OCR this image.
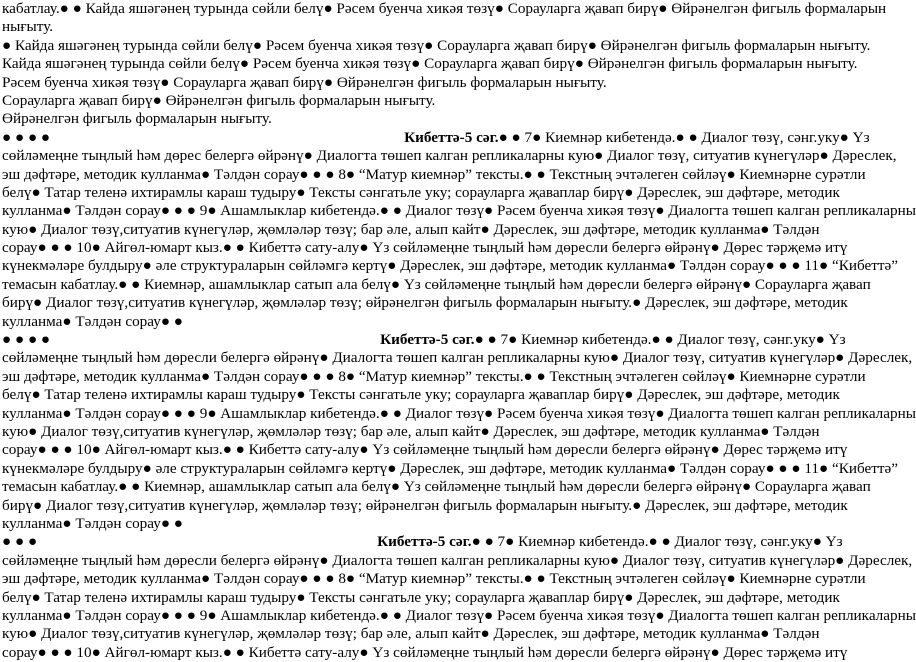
кабатлау.● ● Кайда яшәгәнең турында сөйли белү● Рәсем буенча хикәя төзү● Сорауларга җавап бирү● Өйрәнелгән фигыль формаларын
нығыту.
● Кайда яшәгәнең турында сөйли белү● Рәсем буенча хикәя төзү● Сорауларга җавап бирү● Өйрәнелгән фигыль формаларын нығыту.
Кайда яшәгәнең турында сөйли белү● Рәсем буенча хикәя төзү● Сорауларга җавап бирү● Өйрәнелгән фигыль формаларын нығыту.
Рәсем буенча хикәя төзү● Сорауларга җавап бирү● Өйрәнелгән фигыль формаларын нығыту.
Сорауларга җавап бирү● Өйрәнелгән фигыль формаларын нығыту.
Өйрәнелгән фигыль формаларын нығыту.
● ● ● ●	Кибеттә-5 сәг.● ● 7● Киемнәр кибетендә.● ● Диалог төзү, сәнг.уку● Үз
сөйләмеңне тыңлый һәм дөрес бел​ерг​ә өйрәнү● Диалогта төшеп калган репликаларны кую● Диалог төзү, ситуатив күнегүләр● Дәреслек,
эш дәфтәре, методик кулланма● Тәлдән сорау● ● ● 8● “Матур киемнәр” тексты.● ● Текстның эчтәлеген сөйләү● Киемнәрне сурәтли
белү● Татар теленә ихтирамлы караш тудыру● Тексты сәнгатьле уку; сорауларга җаваплар бирү● Дәреслек, эш дәфтәре, методик
кулланма● Тәлдән сорау● ● ● 9● Ашамлыклар кибетендә.● ● Диалог төзү● Рәсем буенча хикәя төзү● Диалогта төшеп калган репликаларны
кую● Диалог төзү,ситуатив күнегүләр, җөмләләр төзү; бар әле, алып кайт● Дәреслек, эш дәфтәре, методик кулланма● Тәлдән
сорау● ● ● 10● Айгөл-юмарт кыз.● ● Кибеттә сату-алу● Үз сөйләмеңне тыңлый һәм дөресли белергә өйрәнү● Дөрес тәрҗемә итү
күнекмәләре булдыру● әле структураларын сөйләмгә кертү● Дәреслек, эш дәфтәре, методик кулланма● Тәлдән сорау● ● ● 11● “Кибеттә”
темасын кабатлау.● ● Киемнәр, ашамлыклар сатып ала белү● Үз сөйләмеңне тыңлый һәм дөресли белергә өйрәнү● Сорауларга җавап
бирү● Диалог төзү,ситуатив күнегүләр, җөмләләр төзү; өйрәнелгән фигыль формаларын нығыту.● Дәреслек, эш дәфтәре, методик
кулланма● Тәлдән сорау● ●
● ● ● ●	Кибеттә-5 сәг.● ● 7● Киемнәр кибетендә.● ● Диалог төзү, сәнг.уку● Үз
сөйләмеңне тыңлый һәм дөресли белергә өйрәнү● Диалогта төшеп калган репликаларны кую● Диалог төзү, ситуатив күнегүләр● Дәреслек,
эш дәфтәре, методик кулланма● Тәлдән сорау● ● ● 8● “Матур киемнәр” тексты.● ● Текстның эчтәлеген сөйләү● Киемнәрне сурәтли
белү● Татар теленә ихтирамлы караш тудыру● Тексты сәнгатьле уку; сорауларга җаваплар бирү● Дәреслек, эш дәфтәре, методик
кулланма● Тәлдән сорау● ● ● 9● Ашамлыклар кибетендә.● ● Диалог төзү● Рәсем буенча хикәя төзү● Диалогта төшеп калган репликаларны
кую● Диалог төзү,ситуатив күнегүләр, җөмләләр төзү; бар әле, алып кайт● Дәреслек, эш дәфтәре, методик кулланма● Тәлдән
сорау● ● ● 10● Айгөл-юмарт кыз.● ● Кибеттә сату-алу● Үз сөйләмеңне тыңлый һәм дөресли белергә өйрәнү● Дөрес тәрҗемә итү
күнекмәләре булдыру● әле структураларын сөйләмгә кертү● Дәреслек, эш дәфтәре, методик кулланма● Тәлдән сорау● ● ● 11● “Кибеттә”
темасын кабатлау.● ● Киемнәр, ашамлыклар сатып ала белү● Үз сөйләмеңне тыңлый һәм дөресли белергә өйрәнү● Сорауларга җавап
бирү● Диалог төзү,ситуатив күнегүләр, җөмләләр төзү; өйрәнелгән фигыль формаларын нығыту.● Дәреслек, эш дәфтәре, методик
кулланма● Тәлдән сорау● ●
● ● ●	Кибеттә-5 сәг.● ● 7● Киемнәр кибетендә.● ● Диалог төзү, сәнг.уку● Үз
сөйләмеңне тыңлый һәм дөресли белергә өйрәнү● Диалогта төшеп калган репликаларны кую● Диалог төзү, ситуатив күнегүләр● Дәреслек,
эш дәфтәре, методик кулланма● Тәлдән сорау● ● ● 8● “Матур киемнәр” тексты.● ● Текстның эчтәлеген сөйләү● Киемнәрне сурәтли
белү● Татар теленә ихтирамлы караш тудыру● Тексты сәнгатьле уку; сорауларга җаваплар бирү● Дәреслек, эш дәфтәре, методик
кулланма● Тәлдән сорау● ● ● 9● Ашамлыклар кибетендә.● ● Диалог төзү● Рәсем буенча хикәя төзү● Диалогта төшеп калган репликаларны
кую● Диалог төзү,ситуатив күнегүләр, җөмләләр төзү; бар әле, алып кайт● Дәреслек, эш дәфтәре, методик кулланма● Тәлдән
сорау● ● ● 10● Айгөл-юмарт кыз.● ● Кибеттә сату-алу● Үз сөйләмеңне тыңлый һәм дөресли белергә өйрәнү● Дөрес тәрҗемә итү
